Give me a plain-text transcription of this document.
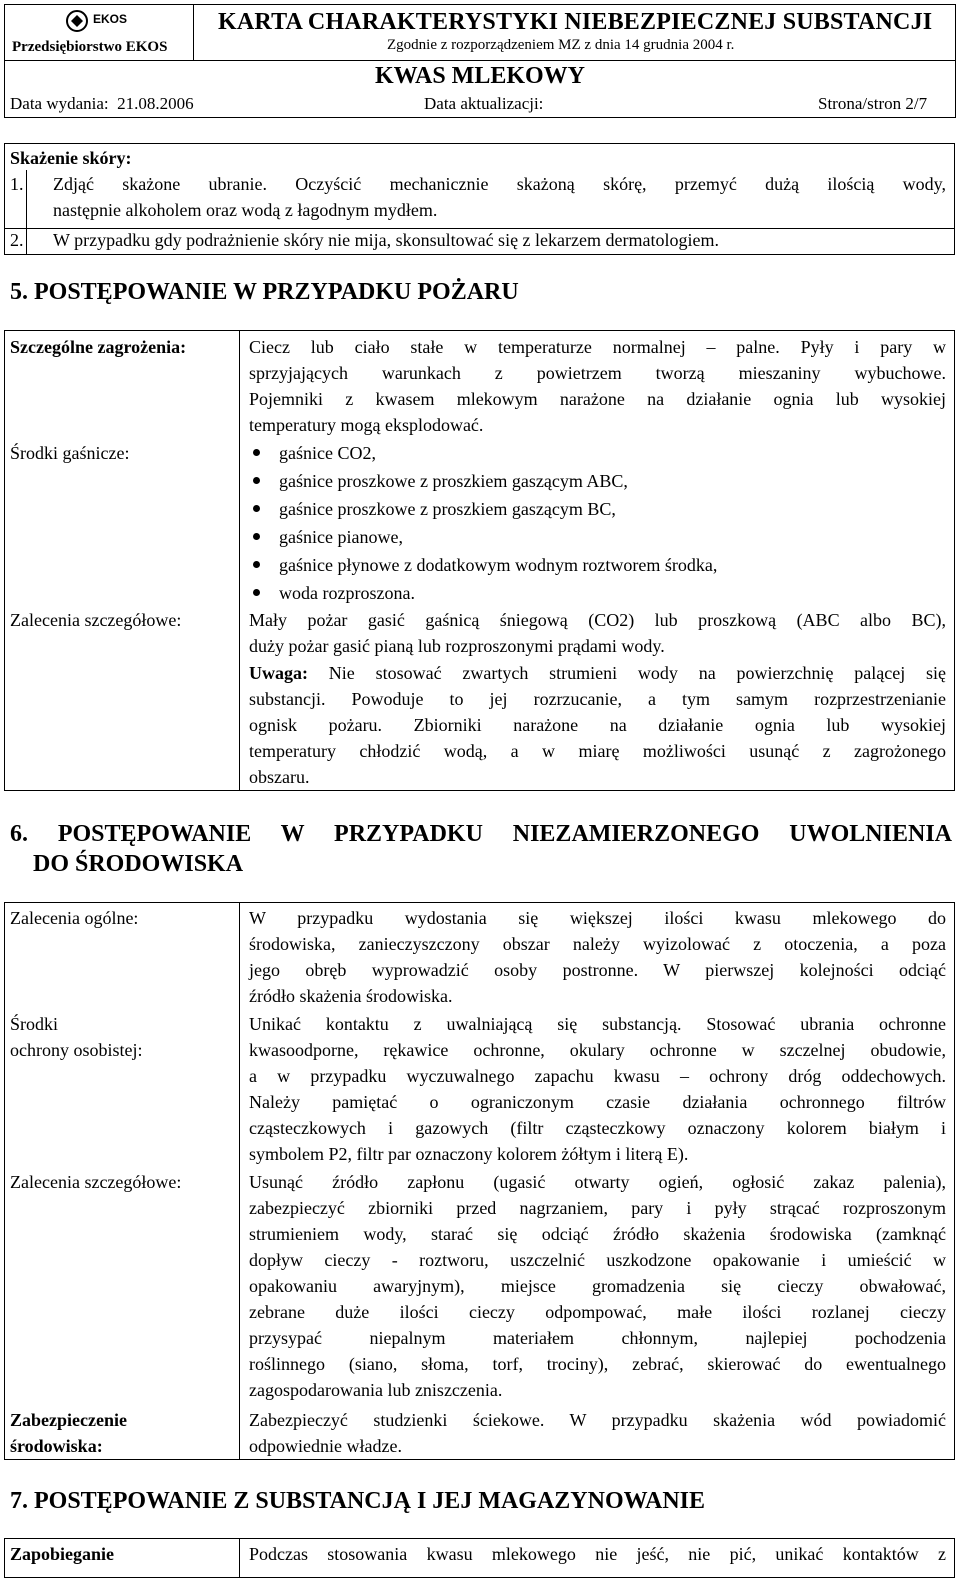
EKOS
Przedsiębiorstwo EKOS
KARTA CHARAKTERYSTYKI NIEBEZPIECZNEJ SUBSTANCJI
Zgodnie z rozporządzeniem MZ z dnia 14 grudnia 2004 r.
KWAS MLEKOWY
Data wydania:  21.08.2006	Data aktualizacji:	Strona/stron 2/7
Skażenie skóry:
1. Zdjąć skażone ubranie. Oczyścić mechanicznie skażoną skórę, przemyć dużą ilością wody,
następnie alkoholem oraz wodą z łagodnym mydłem.
2. W przypadku gdy podrażnienie skóry nie mija, skonsultować się z lekarzem dermatologiem.
5. POSTĘPOWANIE W PRZYPADKU POŻARU
Szczególne zagrożenia:	Ciecz lub ciało stałe w temperaturze normalnej – palne. Pyły i pary w
sprzyjających warunkach z powietrzem tworzą mieszaniny wybuchowe.
Pojemniki z kwasem mlekowym narażone na działanie ognia lub wysokiej
temperatury mogą eksplodować.
Środki gaśnicze:	gaśnice CO2,
gaśnice proszkowe z proszkiem gaszącym ABC,
gaśnice proszkowe z proszkiem gaszącym BC,
gaśnice pianowe,
gaśnice płynowe z dodatkowym wodnym roztworem środka,
woda rozproszona.
Zalecenia szczegółowe:	Mały pożar gasić gaśnicą śniegową (CO2) lub proszkową (ABC albo BC),
duży pożar gasić pianą lub rozproszonymi prądami wody.
Uwaga: Nie stosować zwartych strumieni wody na powierzchnię palącej się
substancji. Powoduje to jej rozrzucanie, a tym samym rozprzestrzenianie
ognisk pożaru. Zbiorniki narażone na działanie ognia lub wysokiej
temperatury chłodzić wodą, a w miarę możliwości usunąć z zagrożonego
obszaru.
6. POSTĘPOWANIE W PRZYPADKU NIEZAMIERZONEGO UWOLNIENIA
DO ŚRODOWISKA
Zalecenia ogólne:	W przypadku wydostania się większej ilości kwasu mlekowego do
środowiska, zanieczyszczony obszar należy wyizolować z otoczenia, a poza
jego obręb wyprowadzić osoby postronne. W pierwszej kolejności odciąć
źródło skażenia środowiska.
Środki
ochrony osobistej:
Unikać kontaktu z uwalniającą się substancją. Stosować ubrania ochronne
kwasoodporne, rękawice ochronne, okulary ochronne w szczelnej obudowie,
a w przypadku wyczuwalnego zapachu kwasu – ochrony dróg oddechowych.
Należy pamiętać o ograniczonym czasie działania ochronnego filtrów
cząsteczkowych i gazowych (filtr cząsteczkowy oznaczony kolorem białym i
symbolem P2, filtr par oznaczony kolorem żółtym i literą E).
Zalecenia szczegółowe:	Usunąć źródło zapłonu (ugasić otwarty ogień, ogłosić zakaz palenia),
zabezpieczyć zbiorniki przed nagrzaniem, pary i pyły strącać rozproszonym
strumieniem wody, starać się odciąć źródło skażenia środowiska (zamknąć
dopływ cieczy - roztworu, uszczelnić uszkodzone opakowanie i umieścić w
opakowaniu awaryjnym), miejsce gromadzenia się cieczy obwałować,
zebrane duże ilości cieczy odpompować, małe ilości rozlanej cieczy
przysypać niepalnym materiałem chłonnym, najlepiej pochodzenia
roślinnego (siano, słoma, torf, trociny), zebrać, skierować do ewentualnego
zagospodarowania lub zniszczenia.
Zabezpieczenie
środowiska:
Zabezpieczyć studzienki ściekowe. W przypadku skażenia wód powiadomić
odpowiednie władze.
7. POSTĘPOWANIE Z SUBSTANCJĄ I JEJ MAGAZYNOWANIE
Zapobieganie	Podczas stosowania kwasu mlekowego nie jeść, nie pić, unikać kontaktów z
